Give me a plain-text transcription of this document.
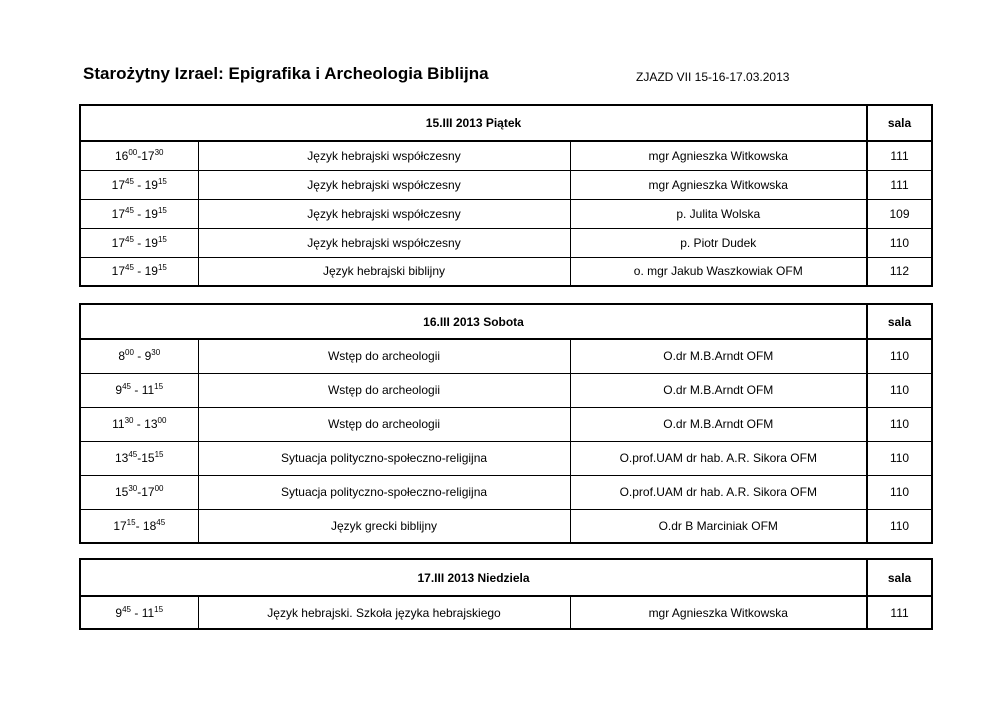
Starożytny Izrael: Epigrafika i Archeologia Biblijna	ZJAZD VII 15-16-17.03.2013
15.III 2013 Piątek			sala
$16^{00}-17^{30}$	Język hebrajski współczesny	mgr Agnieszka Witkowska	111
$17^{45} - 19^{15}$	Język hebrajski współczesny	mgr Agnieszka Witkowska	111
$17^{45} - 19^{15}$	Język hebrajski współczesny	p. Julita Wolska	109
$17^{45} - 19^{15}$	Język hebrajski współczesny	p. Piotr Dudek	110
$17^{45} - 19^{15}$	Język hebrajski biblijny	o. mgr Jakub Waszkowiak OFM	112
16.III 2013 Sobota			sala
$8^{00} - 9^{30}$	Wstęp do archeologii	O.dr M.B.Arndt OFM	110
$9^{45} - 11^{15}$	Wstęp do archeologii	O.dr M.B.Arndt OFM	110
$11^{30} - 13^{00}$	Wstęp do archeologii	O.dr M.B.Arndt OFM	110
$13^{45}-15^{15}$	Sytuacja polityczno-społeczno-religijna	O.prof.UAM dr hab. A.R. Sikora OFM	110
$15^{30}-17^{00}$	Sytuacja polityczno-społeczno-religijna	O.prof.UAM dr hab. A.R. Sikora OFM	110
$17^{15}-$ $18^{45}$	Język grecki biblijny	O.dr B Marciniak OFM	110
17.III 2013 Niedziela			sala
$9^{45} - 11^{15}$	Język hebrajski. Szkoła języka hebrajskiego	mgr Agnieszka Witkowska	111
